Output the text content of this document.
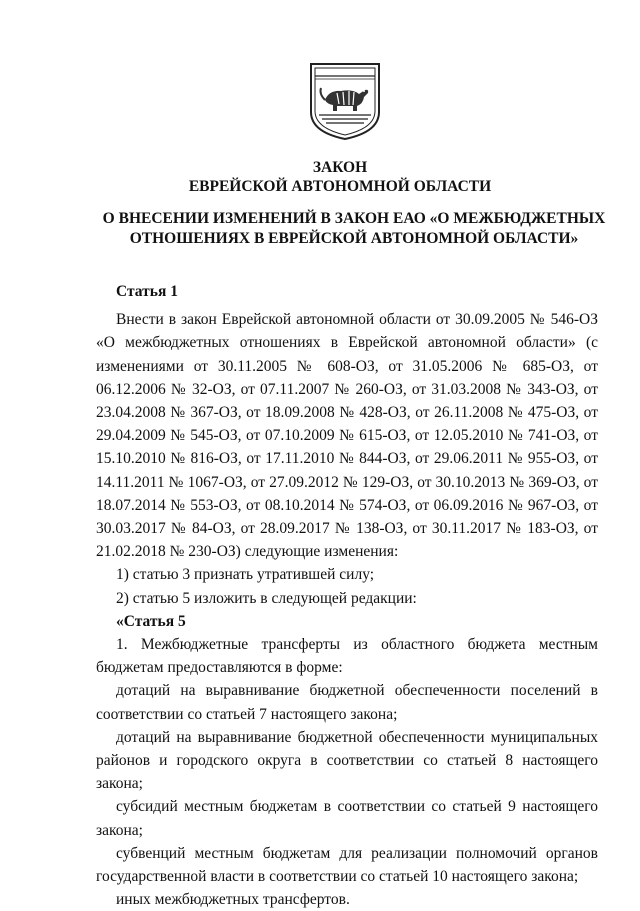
ЗАКОН
ЕВРЕЙСКОЙ АВТОНОМНОЙ ОБЛАСТИ
О ВНЕСЕНИИ ИЗМЕНЕНИЙ В ЗАКОН ЕАО «О МЕЖБЮДЖЕТНЫХ
ОТНОШЕНИЯХ В ЕВРЕЙСКОЙ АВТОНОМНОЙ ОБЛАСТИ»

Статья 1

Внести в закон Еврейской автономной области от 30.09.2005 № 546-ОЗ «О межбюджетных отношениях в Еврейской автономной области» (с изменениями от 30.11.2005 № 608-ОЗ, от 31.05.2006 № 685-ОЗ, от 06.12.2006 № 32-ОЗ, от 07.11.2007 № 260-ОЗ, от 31.03.2008 № 343-ОЗ, от 23.04.2008 № 367-ОЗ, от 18.09.2008 № 428-ОЗ, от 26.11.2008 № 475-ОЗ, от 29.04.2009 № 545-ОЗ, от 07.10.2009 № 615-ОЗ, от 12.05.2010 № 741-ОЗ, от 15.10.2010 № 816-ОЗ, от 17.11.2010 № 844-ОЗ, от 29.06.2011 № 955-ОЗ, от 14.11.2011 № 1067-ОЗ, от 27.09.2012 № 129-ОЗ, от 30.10.2013 № 369-ОЗ, от 18.07.2014 № 553-ОЗ, от 08.10.2014 № 574-ОЗ, от 06.09.2016 № 967-ОЗ, от 30.03.2017 № 84-ОЗ, от 28.09.2017 № 138-ОЗ, от 30.11.2017 № 183-ОЗ, от 21.02.2018 № 230-ОЗ) следующие изменения:

1) статью 3 признать утратившей силу;

2) статью 5 изложить в следующей редакции:

«Статья 5

1. Межбюджетные трансферты из областного бюджета местным бюджетам предоставляются в форме:

дотаций на выравнивание бюджетной обеспеченности поселений в соответствии со статьей 7 настоящего закона;

дотаций на выравнивание бюджетной обеспеченности муниципальных районов и городского округа в соответствии со статьей 8 настоящего закона;

субсидий местным бюджетам в соответствии со статьей 9 настоящего закона;

субвенций местным бюджетам для реализации полномочий органов государственной власти в соответствии со статьей 10 настоящего закона;

иных межбюджетных трансфертов.
